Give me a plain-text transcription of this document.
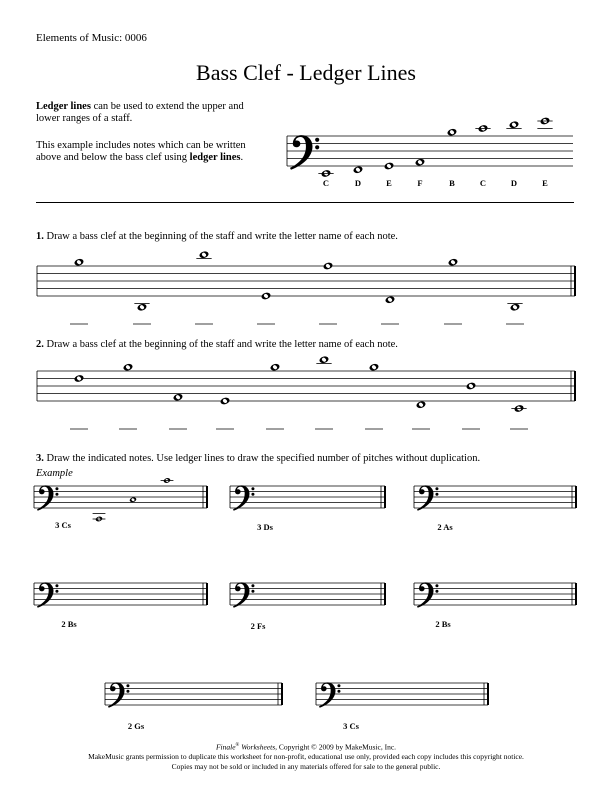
Elements of Music: 0006
Bass Clef - Ledger Lines
Ledger lines can be used to extend the upper and lower ranges of a staff.
This example includes notes which can be written above and below the bass clef using ledger lines.
1. Draw a bass clef at the beginning of the staff and write the letter name of each note.
2. Draw a bass clef at the beginning of the staff and write the letter name of each note.
3. Draw the indicated notes. Use ledger lines to draw the specified number of pitches without duplication.
Example
C	D	E	F	B	C	D	E
3 Cs	3 Ds	2 As
2 Bs	2 Fs	2 Bs
2 Gs	3 Cs
Finale® Worksheets, Copyright © 2009 by MakeMusic, Inc.
MakeMusic grants permission to duplicate this worksheet for non-profit, educational use only, provided each copy includes this copyright notice.
Copies may not be sold or included in any materials offered for sale to the general public.
